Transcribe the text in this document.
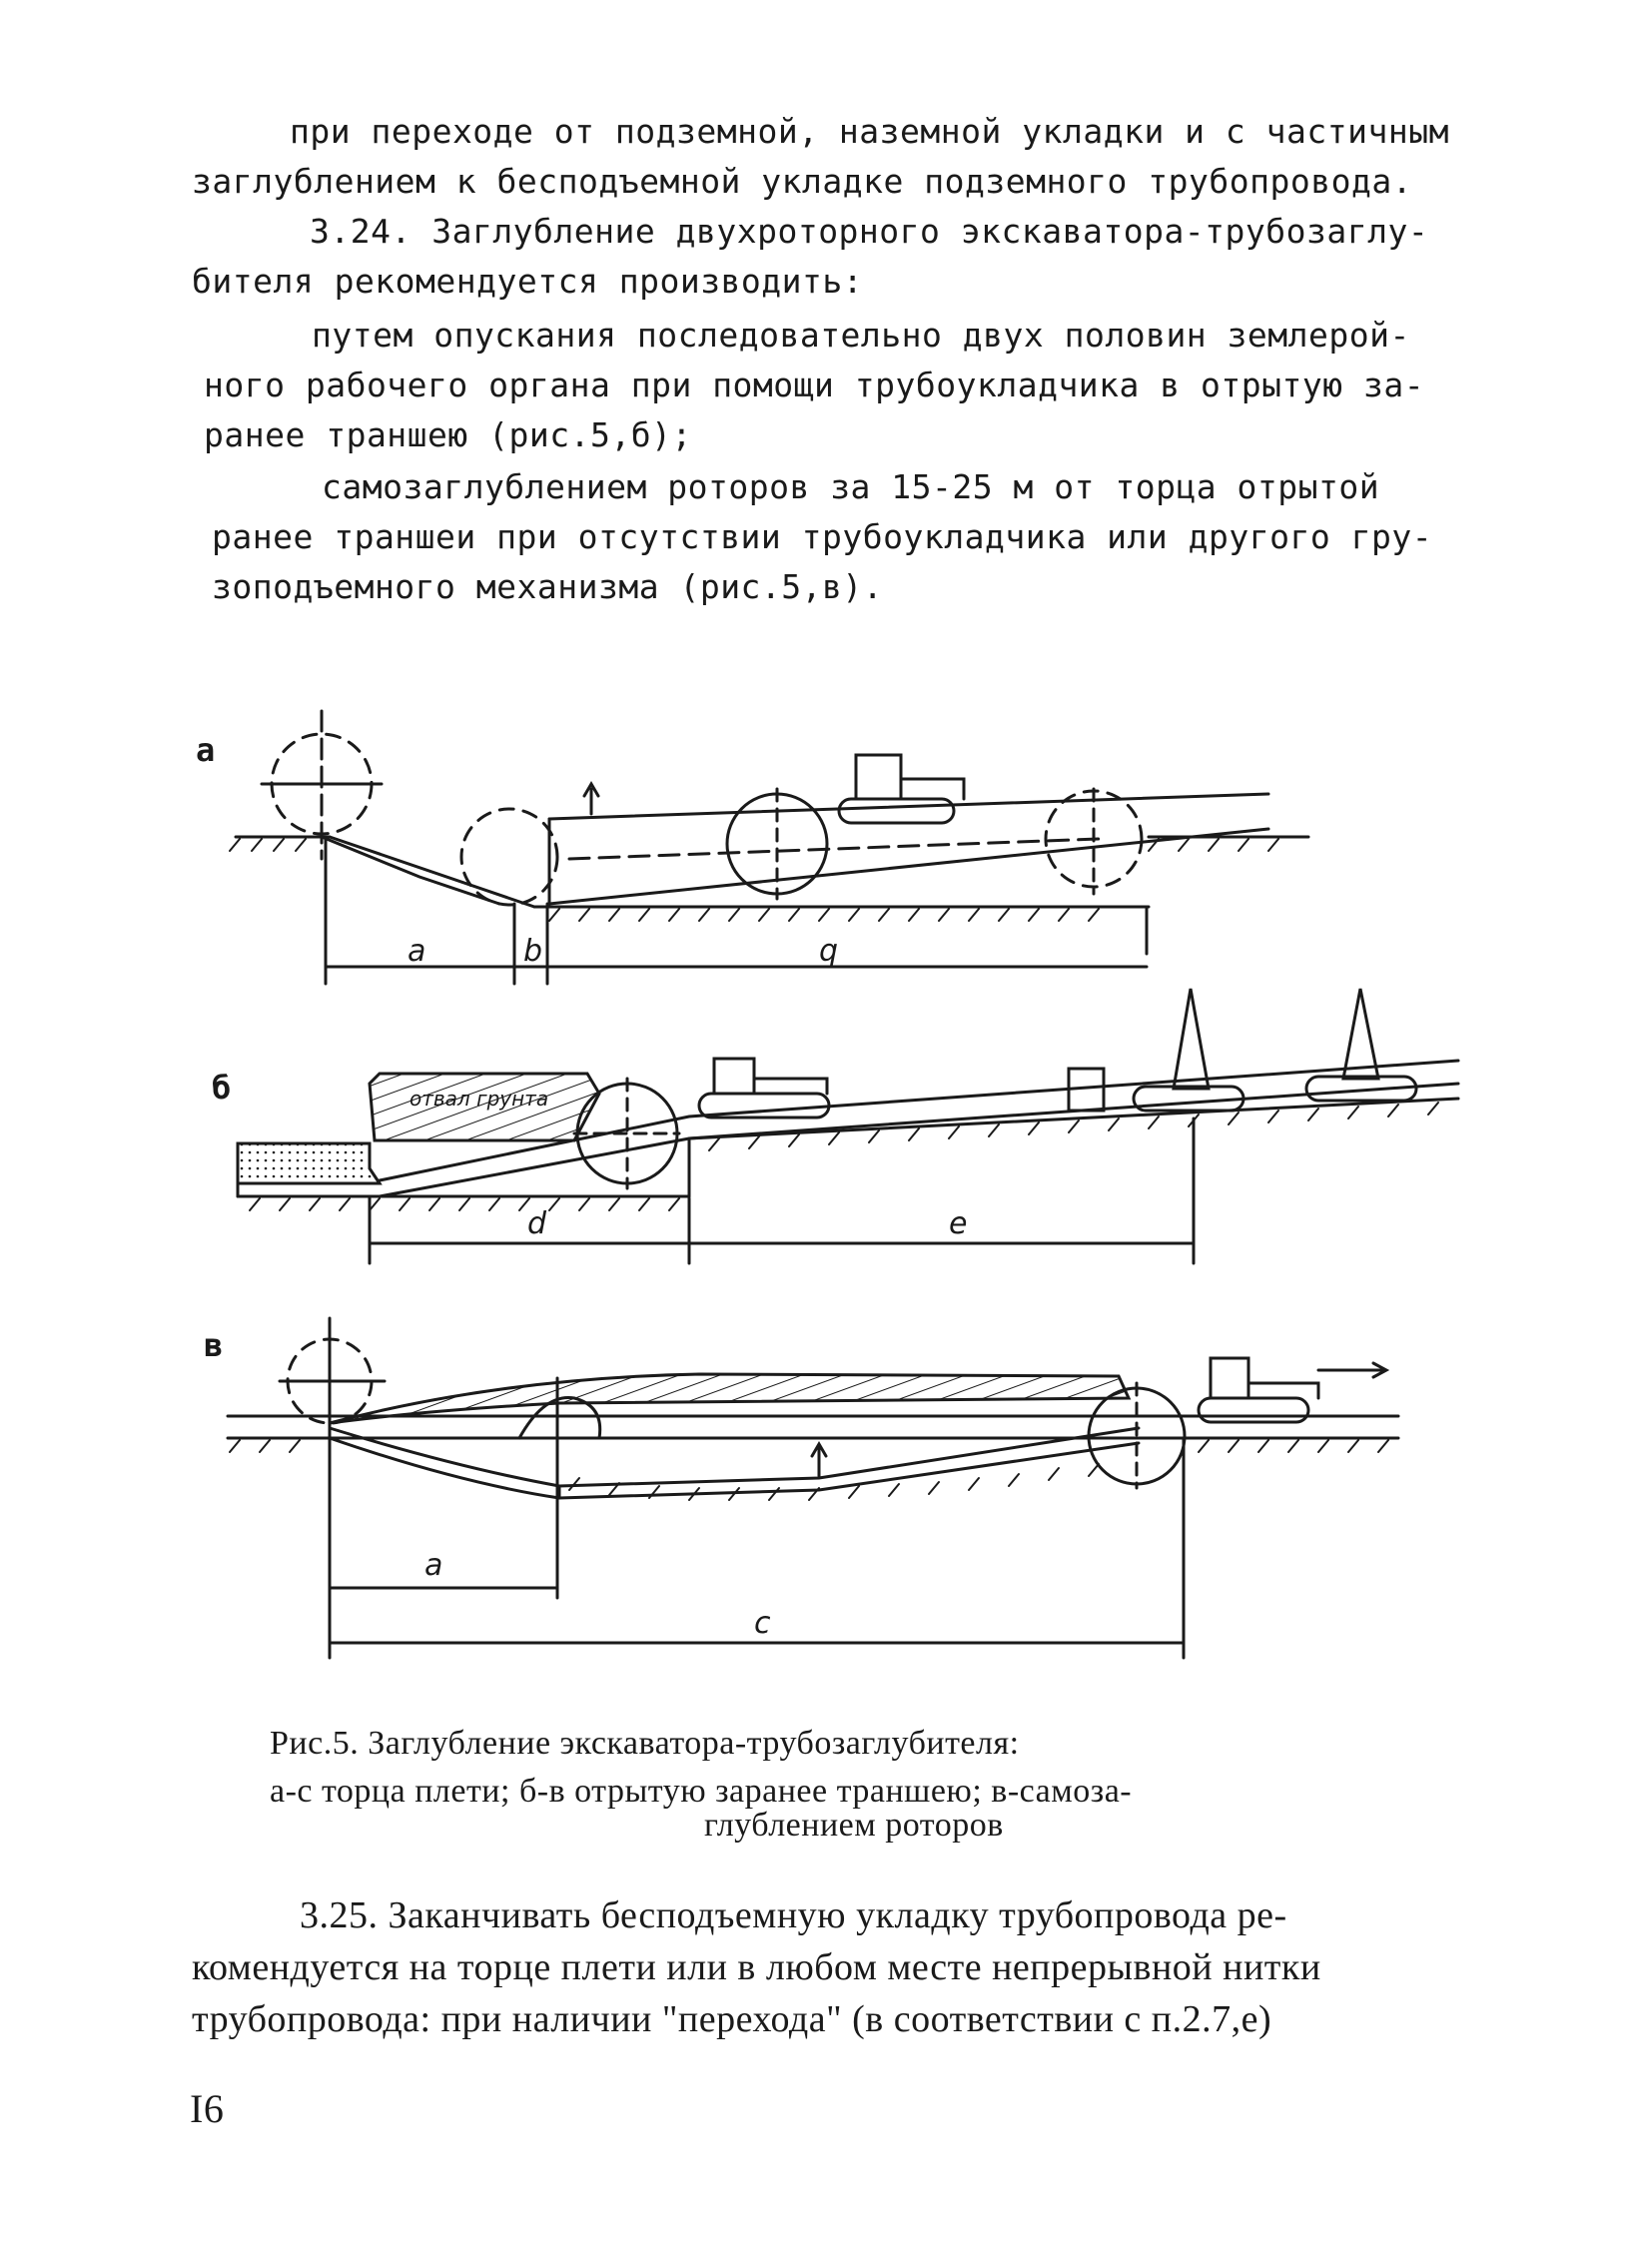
при переходе от подземной, наземной укладки и с частичным
заглублением к бесподъемной укладке подземного трубопровода.
3.24. Заглубление двухроторного экскаватора-трубозаглу-
бителя рекомендуется производить:
путем опускания последовательно двух половин землерой-
ного рабочего органа при помощи трубоукладчика в отрытую за-
ранее траншею (рис.5,б);
самозаглублением роторов за 15-25 м от торца отрытой
ранее траншеи при отсутствии трубоукладчика или другого гру-
зоподъемного механизма (рис.5,в).
а
б
в
a	b	q
отвал грунта
d	e
a
c
Рис.5. Заглубление экскаватора-трубозаглубителя:
а-с торца плети; б-в отрытую заранее траншею; в-самоза-
глублением роторов
3.25. Заканчивать бесподъемную укладку трубопровода ре-
комендуется на торце плети или в любом месте непрерывной нитки
трубопровода: при наличии "перехода" (в соответствии с п.2.7,е)
I6
